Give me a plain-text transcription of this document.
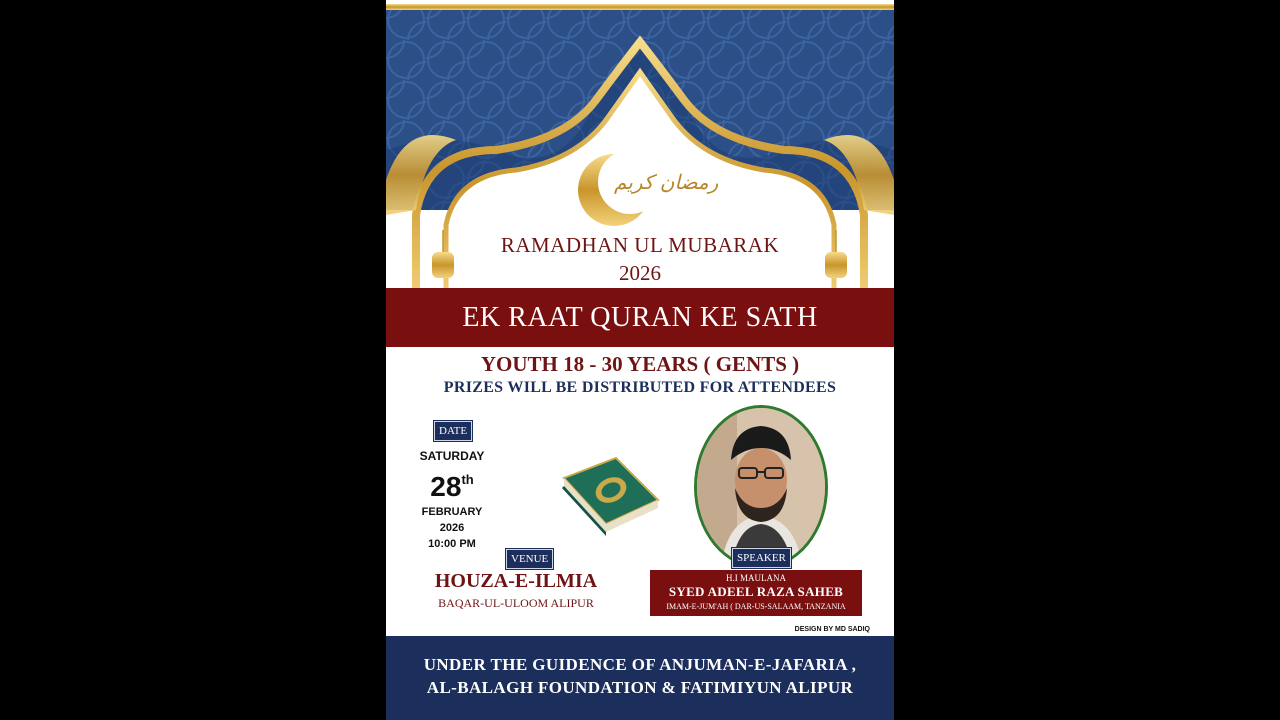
رمضان کریم
RAMADHAN UL MUBARAK
2026
EK RAAT QURAN KE SATH
YOUTH 18 - 30 YEARS ( GENTS )
PRIZES WILL BE DISTRIBUTED FOR ATTENDEES
DATE
SATURDAY
28th
FEBRUARY
2026
10:00 PM
VENUE
HOUZA-E-ILMIA
BAQAR-UL-ULOOM ALIPUR
SPEAKER
H.I MAULANA
SYED ADEEL RAZA SAHEB
IMAM-E-JUM'AH ( DAR-US-SALAAM, TANZANIA
DESIGN BY MD SADIQ
UNDER THE GUIDENCE OF ANJUMAN-E-JAFARIA ,
AL-BALAGH FOUNDATION & FATIMIYUN ALIPUR
